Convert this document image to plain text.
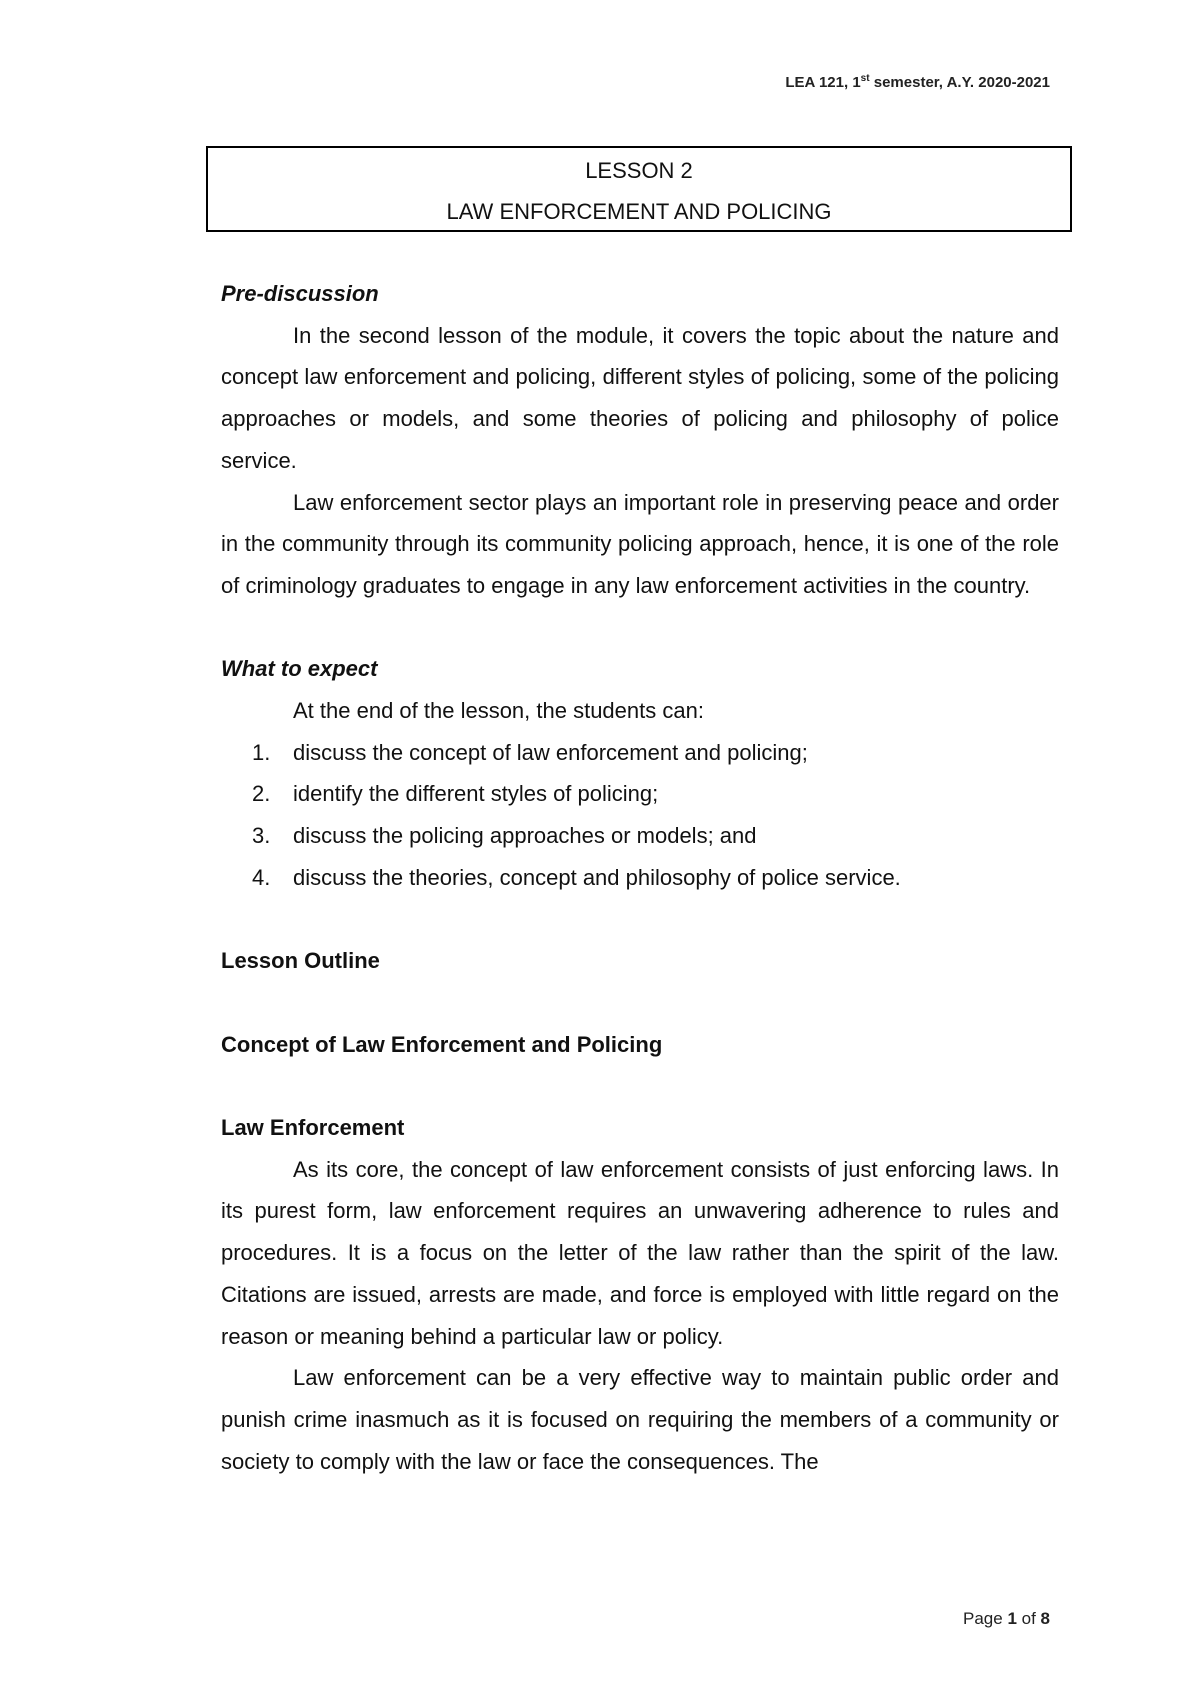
LEA 121, 1st semester, A.Y. 2020-2021
LESSON 2
LAW ENFORCEMENT AND POLICING

Pre-discussion

In the second lesson of the module, it covers the topic about the nature and concept law enforcement and policing, different styles of policing, some of the policing approaches or models, and some theories of policing and philosophy of police service.

Law enforcement sector plays an important role in preserving peace and order in the community through its community policing approach, hence, it is one of the role of criminology graduates to engage in any law enforcement activities in the country.

What to expect

At the end of the lesson, the students can:

1. discuss the concept of law enforcement and policing;
2. identify the different styles of policing;
3. discuss the policing approaches or models; and
4. discuss the theories, concept and philosophy of police service.

Lesson Outline

Concept of Law Enforcement and Policing

Law Enforcement

As its core, the concept of law enforcement consists of just enforcing laws. In its purest form, law enforcement requires an unwavering adherence to rules and procedures. It is a focus on the letter of the law rather than the spirit of the law. Citations are issued, arrests are made, and force is employed with little regard on the reason or meaning behind a particular law or policy.

Law enforcement can be a very effective way to maintain public order and punish crime inasmuch as it is focused on requiring the members of a community or society to comply with the law or face the consequences. The

Page 1 of 8
